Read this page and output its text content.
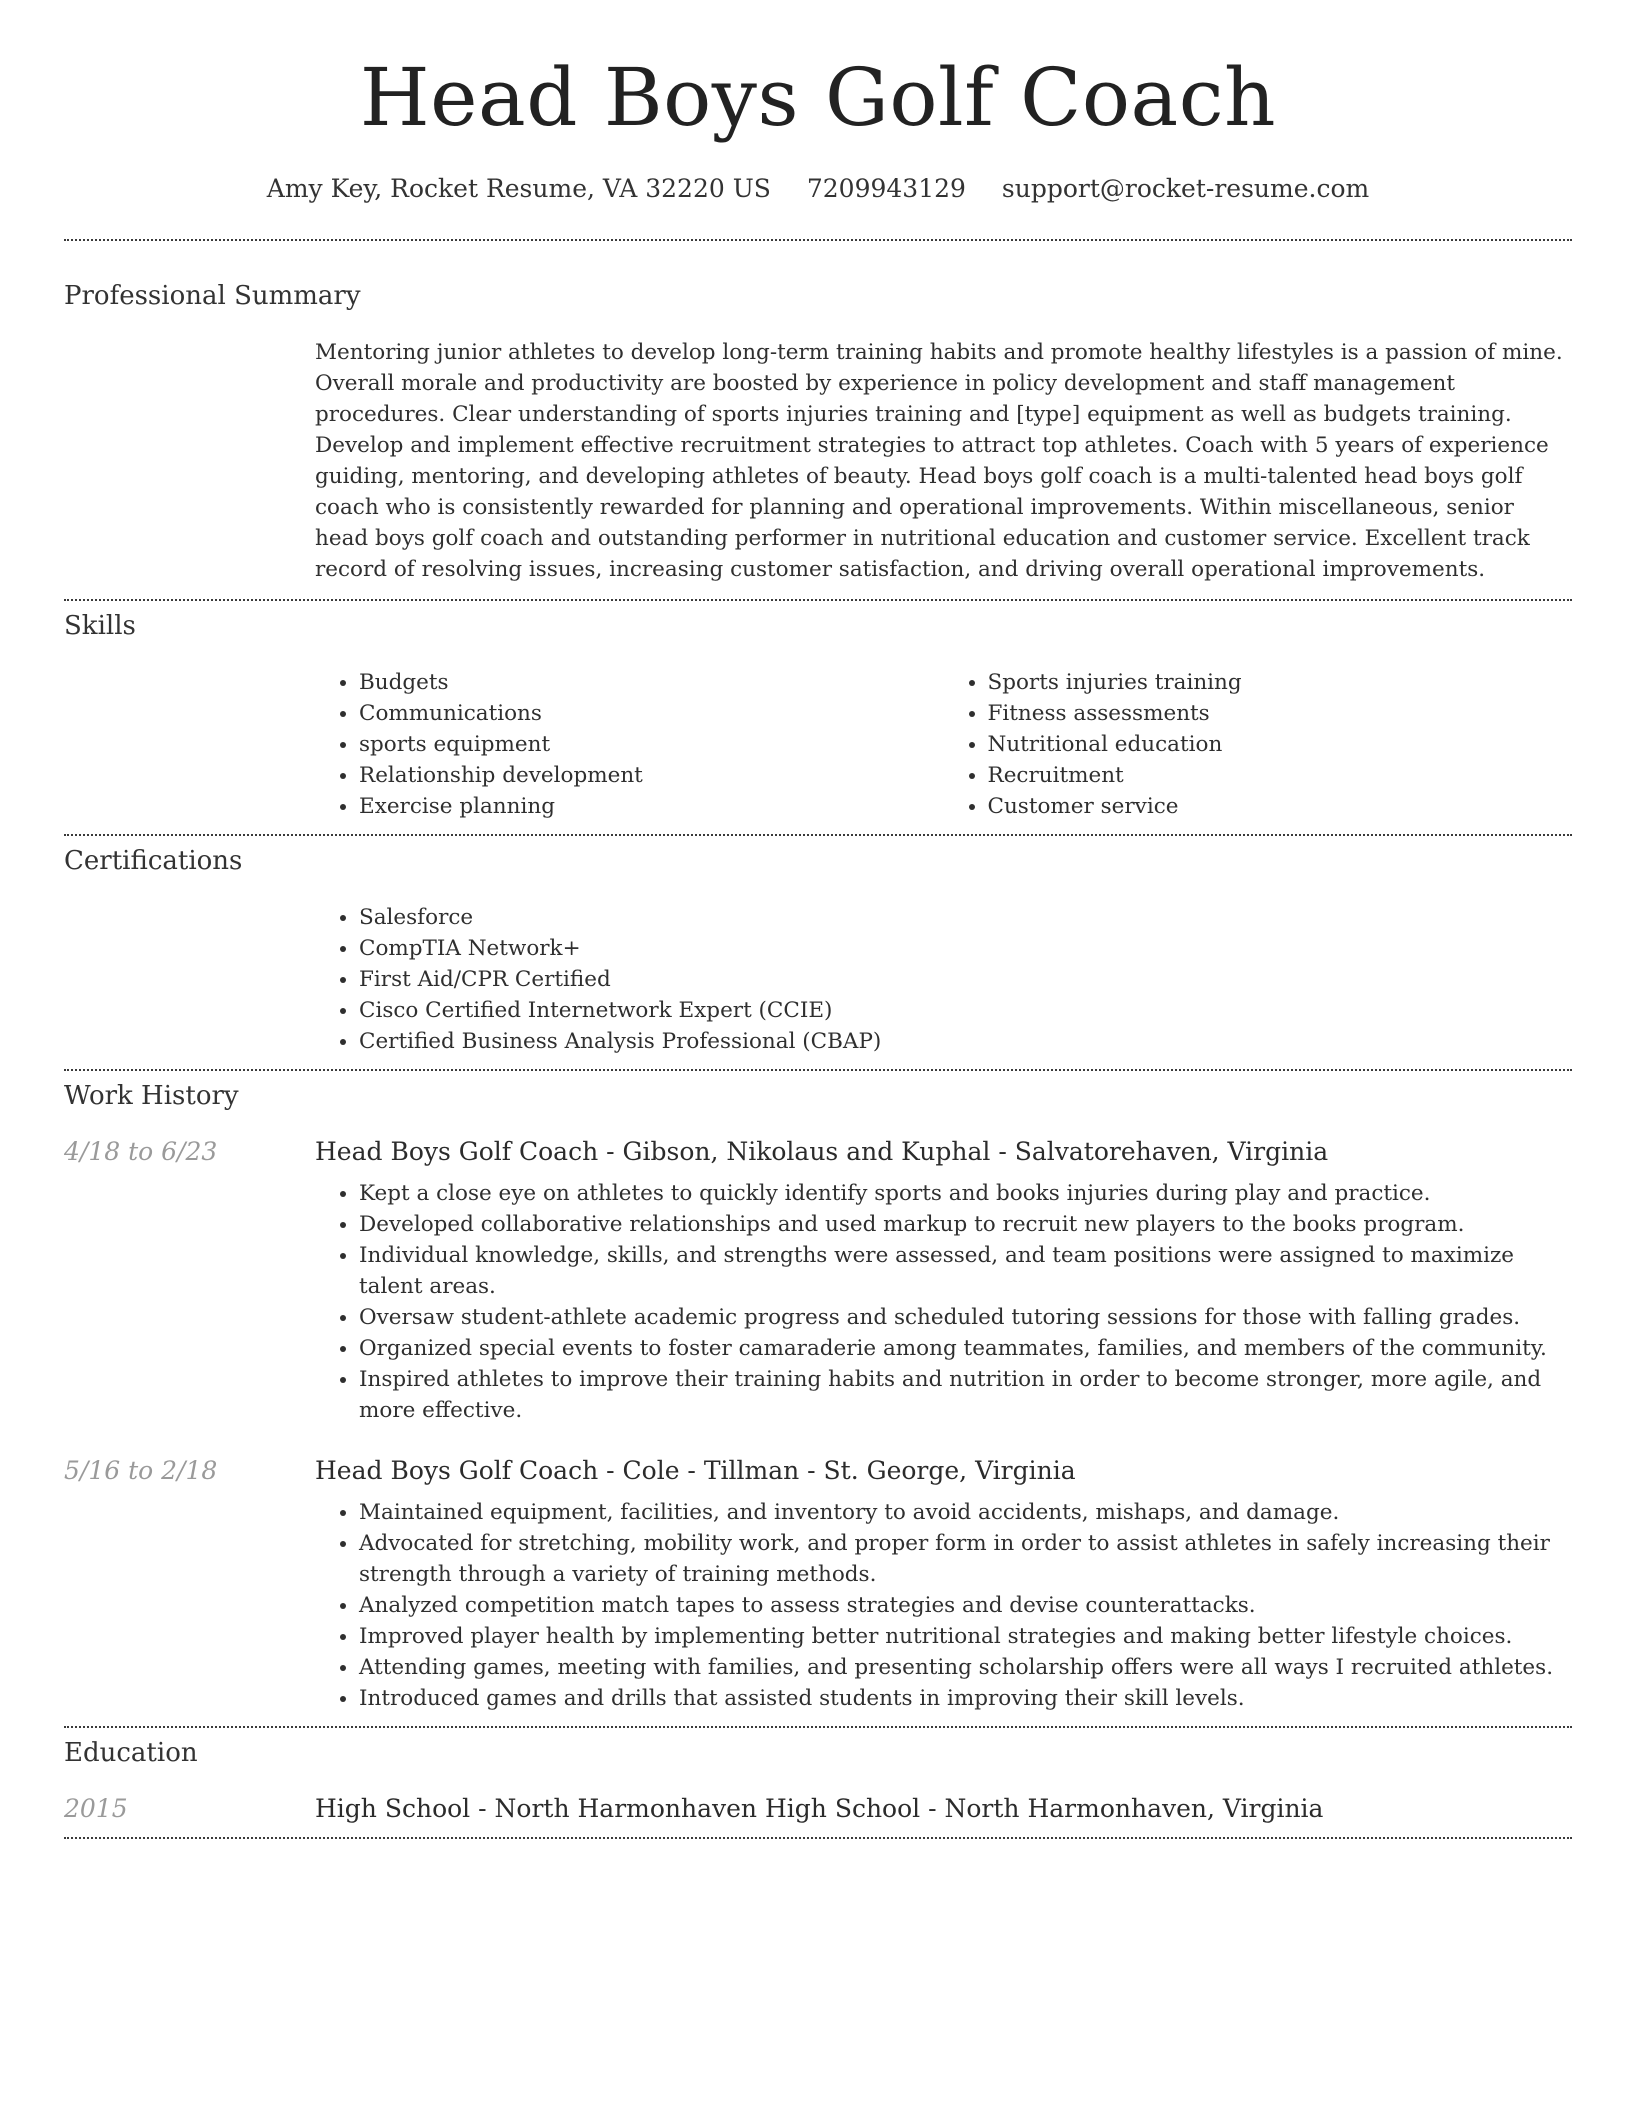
Head Boys Golf Coach
Amy Key, Rocket Resume, VA 32220 US 7209943129 support@rocket-resume.com
Professional Summary
Mentoring junior athletes to develop long-term training habits and promote healthy lifestyles is a passion of mine. Overall morale and productivity are boosted by experience in policy development and staff management procedures. Clear understanding of sports injuries training and [type] equipment as well as budgets training. Develop and implement effective recruitment strategies to attract top athletes. Coach with 5 years of experience guiding, mentoring, and developing athletes of beauty. Head boys golf coach is a multi-talented head boys golf coach who is consistently rewarded for planning and operational improvements. Within miscellaneous, senior head boys golf coach and outstanding performer in nutritional education and customer service. Excellent track record of resolving issues, increasing customer satisfaction, and driving overall operational improvements.
Skills
• Budgets
• Communications
• sports equipment
• Relationship development
• Exercise planning
• Sports injuries training
• Fitness assessments
• Nutritional education
• Recruitment
• Customer service
Certifications
• Salesforce
• CompTIA Network+
• First Aid/CPR Certified
• Cisco Certified Internetwork Expert (CCIE)
• Certified Business Analysis Professional (CBAP)
Work History
4/18 to 6/23	Head Boys Golf Coach - Gibson, Nikolaus and Kuphal - Salvatorehaven, Virginia
• Kept a close eye on athletes to quickly identify sports and books injuries during play and practice.
• Developed collaborative relationships and used markup to recruit new players to the books program.
• Individual knowledge, skills, and strengths were assessed, and team positions were assigned to maximize talent areas.
• Oversaw student-athlete academic progress and scheduled tutoring sessions for those with falling grades.
• Organized special events to foster camaraderie among teammates, families, and members of the community.
• Inspired athletes to improve their training habits and nutrition in order to become stronger, more agile, and more effective.
5/16 to 2/18	Head Boys Golf Coach - Cole - Tillman - St. George, Virginia
• Maintained equipment, facilities, and inventory to avoid accidents, mishaps, and damage.
• Advocated for stretching, mobility work, and proper form in order to assist athletes in safely increasing their strength through a variety of training methods.
• Analyzed competition match tapes to assess strategies and devise counterattacks.
• Improved player health by implementing better nutritional strategies and making better lifestyle choices.
• Attending games, meeting with families, and presenting scholarship offers were all ways I recruited athletes.
• Introduced games and drills that assisted students in improving their skill levels.
Education
2015	High School - North Harmonhaven High School - North Harmonhaven, Virginia
